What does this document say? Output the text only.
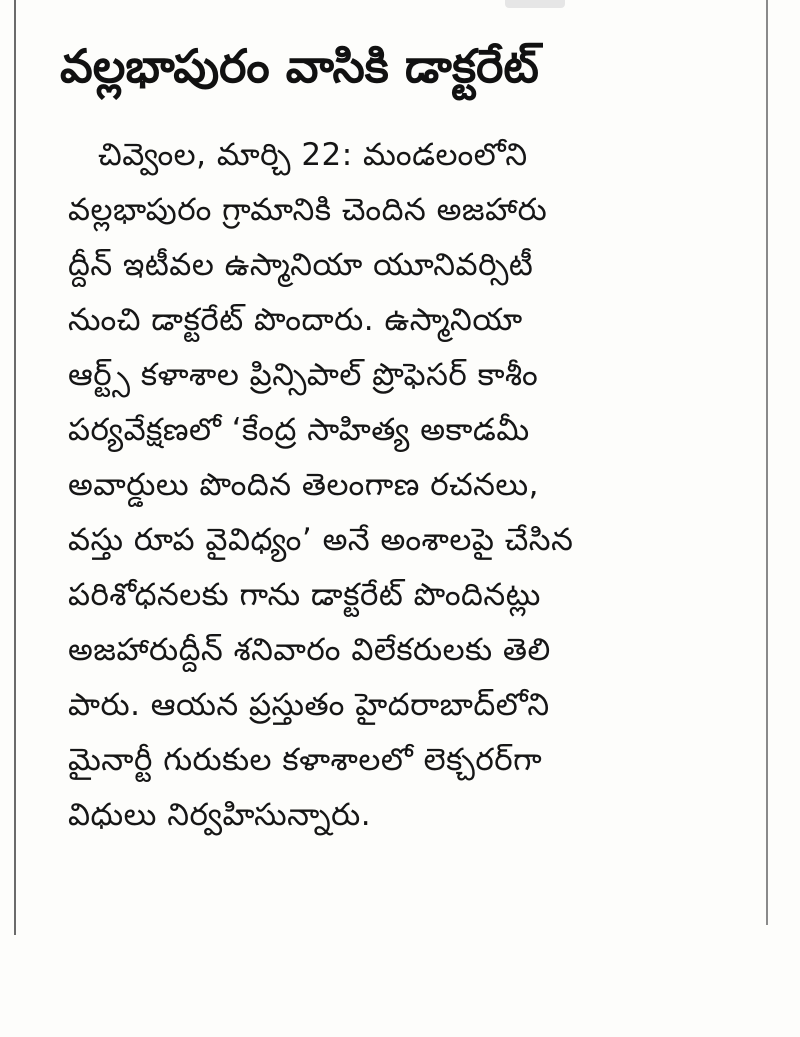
వల్లభాపురం వాసికి డాక్టరేట్
చివ్వెంల, మార్చి 22: మండలంలోని
వల్లభాపురం గ్రామానికి చెందిన అజహారు
ద్దీన్ ఇటీవల ఉస్మానియా యూనివర్సిటీ
నుంచి డాక్టరేట్ పొందారు. ఉస్మానియా
ఆర్ట్స్ కళాశాల ప్రిన్సిపాల్ ప్రొఫెసర్ కాశీం
పర్యవేక్షణలో ‘కేంద్ర సాహిత్య అకాడమీ
అవార్డులు పొందిన తెలంగాణ రచనలు,
వస్తు రూప వైవిధ్యం’ అనే అంశాలపై చేసిన
పరిశోధనలకు గాను డాక్టరేట్ పొందినట్లు
అజహారుద్దీన్ శనివారం విలేకరులకు తెలి
పారు. ఆయన ప్రస్తుతం హైదరాబాద్‌లోని
మైనార్టీ గురుకుల కళాశాలలో లెక్చరర్‌గా
విధులు నిర్వహిసున్నారు.
